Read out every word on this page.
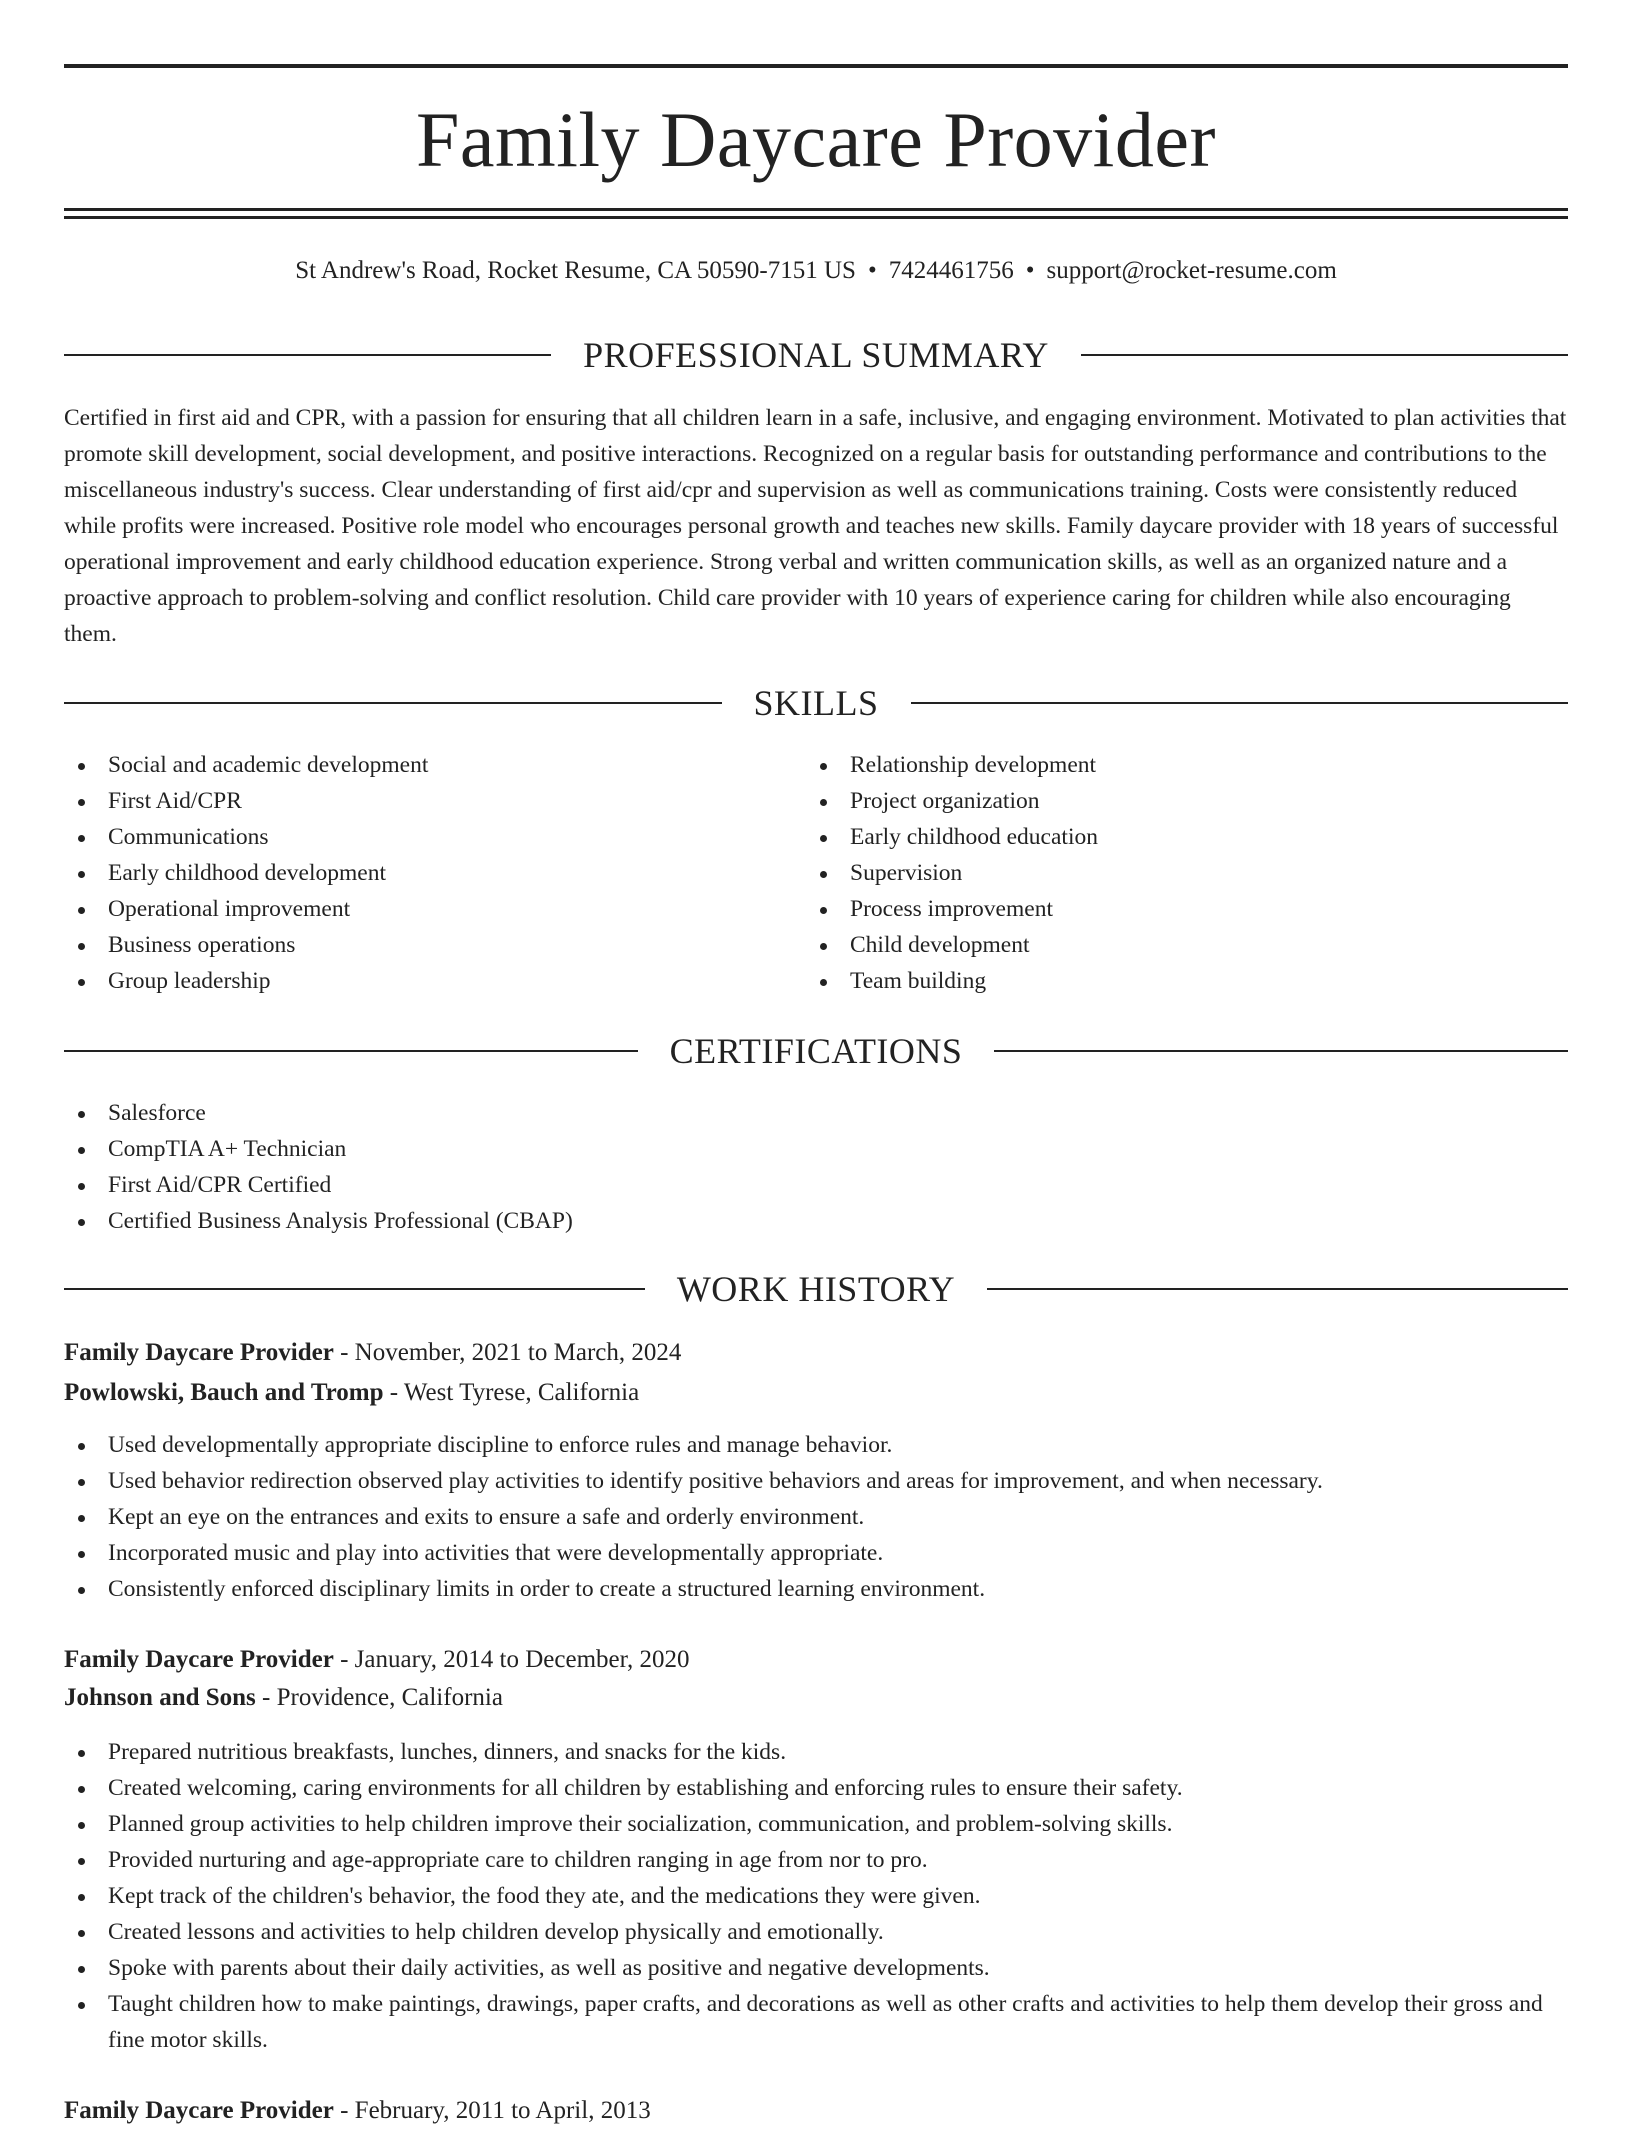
Family Daycare Provider
St Andrew's Road, Rocket Resume, CA 50590-7151 US • 7424461756 • support@rocket-resume.com
PROFESSIONAL SUMMARY

Certified in first aid and CPR, with a passion for ensuring that all children learn in a safe, inclusive, and engaging environment. Motivated to plan activities that promote skill development, social development, and positive interactions. Recognized on a regular basis for outstanding performance and contributions to the miscellaneous industry's success. Clear understanding of first aid/cpr and supervision as well as communications training. Costs were consistently reduced while profits were increased. Positive role model who encourages personal growth and teaches new skills. Family daycare provider with 18 years of successful operational improvement and early childhood education experience. Strong verbal and written communication skills, as well as an organized nature and a proactive approach to problem-solving and conflict resolution. Child care provider with 10 years of experience caring for children while also encouraging them.

SKILLS
Social and academic development
First Aid/CPR
Communications
Early childhood development
Operational improvement
Business operations
Group leadership
Relationship development
Project organization
Early childhood education
Supervision
Process improvement
Child development
Team building
CERTIFICATIONS
Salesforce
CompTIA A+ Technician
First Aid/CPR Certified
Certified Business Analysis Professional (CBAP)
WORK HISTORY
Family Daycare Provider - November, 2021 to March, 2024
Powlowski, Bauch and Tromp - West Tyrese, California
Used developmentally appropriate discipline to enforce rules and manage behavior.
Used behavior redirection observed play activities to identify positive behaviors and areas for improvement, and when necessary.
Kept an eye on the entrances and exits to ensure a safe and orderly environment.
Incorporated music and play into activities that were developmentally appropriate.
Consistently enforced disciplinary limits in order to create a structured learning environment.
Family Daycare Provider - January, 2014 to December, 2020
Johnson and Sons - Providence, California
Prepared nutritious breakfasts, lunches, dinners, and snacks for the kids.
Created welcoming, caring environments for all children by establishing and enforcing rules to ensure their safety.
Planned group activities to help children improve their socialization, communication, and problem-solving skills.
Provided nurturing and age-appropriate care to children ranging in age from nor to pro.
Kept track of the children's behavior, the food they ate, and the medications they were given.
Created lessons and activities to help children develop physically and emotionally.
Spoke with parents about their daily activities, as well as positive and negative developments.
Taught children how to make paintings, drawings, paper crafts, and decorations as well as other crafts and activities to help them develop their gross and fine motor skills.
Family Daycare Provider - February, 2011 to April, 2013
